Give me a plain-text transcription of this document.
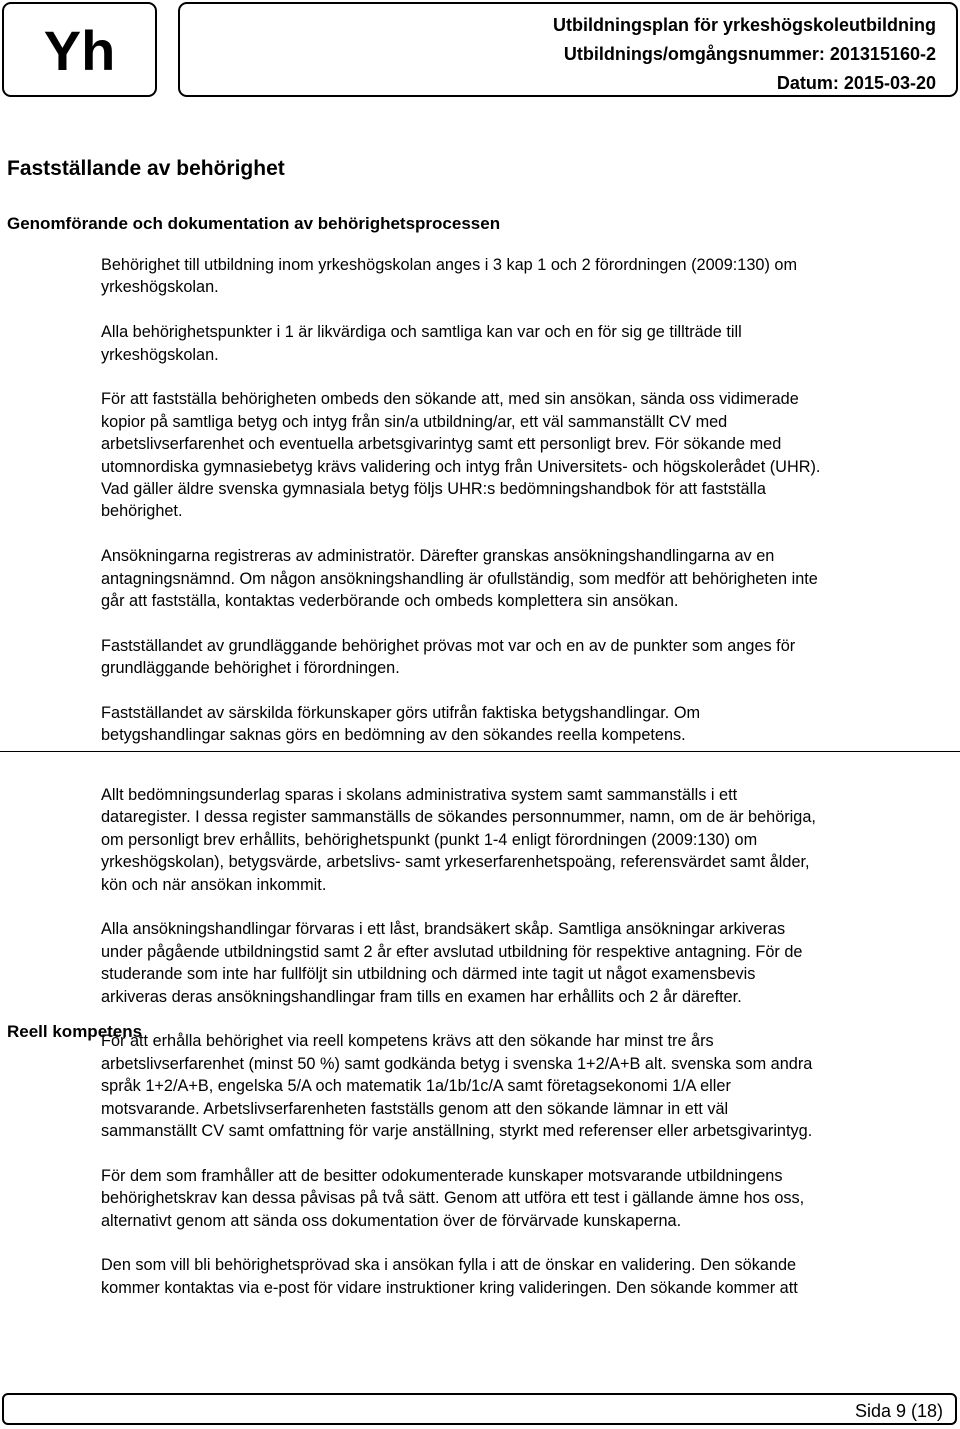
Yh	Utbildningsplan för yrkeshögskoleutbildning
Utbildnings/omgångsnummer: 201315160-2
Datum: 2015-03-20
Fastställande av behörighet
Genomförande och dokumentation av behörighetsprocessen

Behörighet till utbildning inom yrkeshögskolan anges i 3 kap 1 och 2 förordningen (2009:130) om
yrkeshögskolan.

Alla behörighetspunkter i 1 är likvärdiga och samtliga kan var och en för sig ge tillträde till
yrkeshögskolan.

För att fastställa behörigheten ombeds den sökande att, med sin ansökan, sända oss vidimerade
kopior på samtliga betyg och intyg från sin/a utbildning/ar, ett väl sammanställt CV med
arbetslivserfarenhet och eventuella arbetsgivarintyg samt ett personligt brev. För sökande med
utomnordiska gymnasiebetyg krävs validering och intyg från Universitets- och högskolerådet (UHR).
Vad gäller äldre svenska gymnasiala betyg följs UHR:s bedömningshandbok för att fastställa
behörighet.

Ansökningarna registreras av administratör. Därefter granskas ansökningshandlingarna av en
antagningsnämnd. Om någon ansökningshandling är ofullständig, som medför att behörigheten inte
går att fastställa, kontaktas vederbörande och ombeds komplettera sin ansökan.

Fastställandet av grundläggande behörighet prövas mot var och en av de punkter som anges för
grundläggande behörighet i förordningen.

Fastställandet av särskilda förkunskaper görs utifrån faktiska betygshandlingar. Om
betygshandlingar saknas görs en bedömning av den sökandes reella kompetens.

Reell kompetens

Allt bedömningsunderlag sparas i skolans administrativa system samt sammanställs i ett
dataregister. I dessa register sammanställs de sökandes personnummer, namn, om de är behöriga,
om personligt brev erhållits, behörighetspunkt (punkt 1-4 enligt förordningen (2009:130) om
yrkeshögskolan), betygsvärde, arbetslivs- samt yrkeserfarenhetspoäng, referensvärdet samt ålder,
kön och när ansökan inkommit.

Alla ansökningshandlingar förvaras i ett låst, brandsäkert skåp. Samtliga ansökningar arkiveras
under pågående utbildningstid samt 2 år efter avslutad utbildning för respektive antagning. För de
studerande som inte har fullföljt sin utbildning och därmed inte tagit ut något examensbevis
arkiveras deras ansökningshandlingar fram tills en examen har erhållits och 2 år därefter.

För att erhålla behörighet via reell kompetens krävs att den sökande har minst tre års
arbetslivserfarenhet (minst 50 %) samt godkända betyg i svenska 1+2/A+B alt. svenska som andra
språk 1+2/A+B, engelska 5/A och matematik 1a/1b/1c/A samt företagsekonomi 1/A eller
motsvarande. Arbetslivserfarenheten fastställs genom att den sökande lämnar in ett väl
sammanställt CV samt omfattning för varje anställning, styrkt med referenser eller arbetsgivarintyg.

För dem som framhåller att de besitter odokumenterade kunskaper motsvarande utbildningens
behörighetskrav kan dessa påvisas på två sätt. Genom att utföra ett test i gällande ämne hos oss,
alternativt genom att sända oss dokumentation över de förvärvade kunskaperna.

Den som vill bli behörighetsprövad ska i ansökan fylla i att de önskar en validering. Den sökande
kommer kontaktas via e-post för vidare instruktioner kring valideringen. Den sökande kommer att

Sida 9 (18)
